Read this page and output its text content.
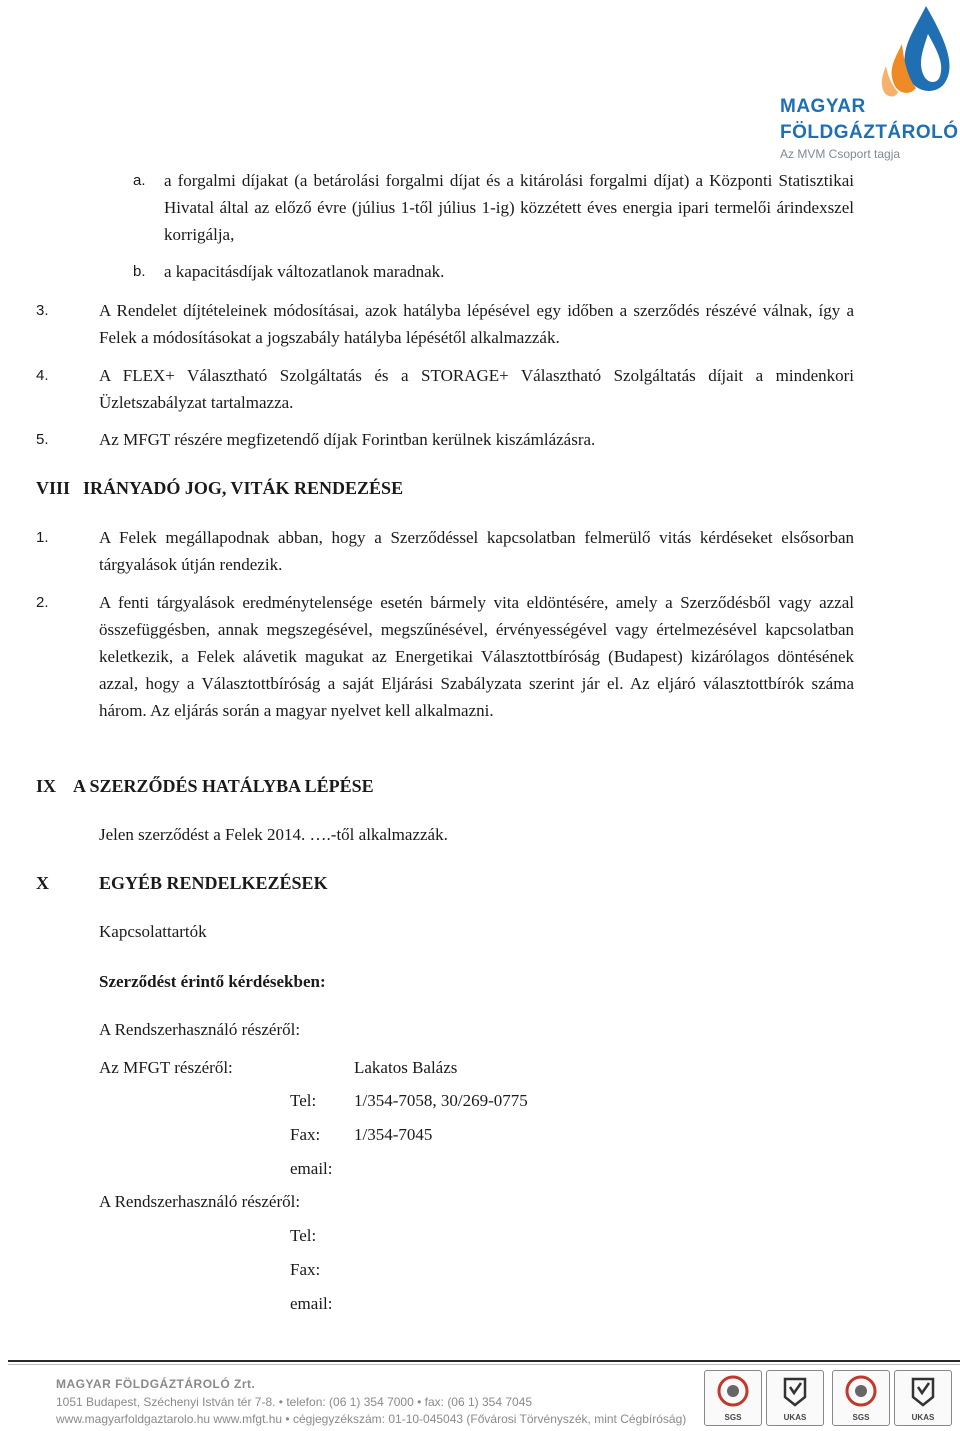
MAGYAR
FÖLDGÁZTÁROLÓ
Az MVM Csoport tagja
a. a forgalmi díjakat (a betárolási forgalmi díjat és a kitárolási forgalmi díjat) a Központi Statisztikai Hivatal által az előző évre (július 1-től július 1-ig) közzétett éves energia ipari termelői árindexszel korrigálja,
b. a kapacitásdíjak változatlanok maradnak.
3.	A Rendelet díjtételeinek módosításai, azok hatályba lépésével egy időben a szerződés részévé válnak, így a Felek a módosításokat a jogszabály hatályba lépésétől alkalmazzák.
4.	A FLEX+ Választható Szolgáltatás és a STORAGE+ Választható Szolgáltatás díjait a mindenkori Üzletszabályzat tartalmazza.
5.	Az MFGT részére megfizetendő díjak Forintban kerülnek kiszámlázásra.
VIII IRÁNYADÓ JOG, VITÁK RENDEZÉSE
1.	A Felek megállapodnak abban, hogy a Szerződéssel kapcsolatban felmerülő vitás kérdéseket elsősorban tárgyalások útján rendezik.
2.	A fenti tárgyalások eredménytelensége esetén bármely vita eldöntésére, amely a Szerződésből vagy azzal összefüggésben, annak megszegésével, megszűnésével, érvényességével vagy értelmezésével kapcsolatban keletkezik, a Felek alávetik magukat az Energetikai Választottbíróság (Budapest) kizárólagos döntésének azzal, hogy a Választottbíróság a saját Eljárási Szabályzata szerint jár el. Az eljáró választottbírók száma három. Az eljárás során a magyar nyelvet kell alkalmazni.
IX A SZERZŐDÉS HATÁLYBA LÉPÉSE
Jelen szerződést a Felek 2014. ….-től alkalmazzák.
X	EGYÉB RENDELKEZÉSEK
Kapcsolattartók
Szerződést érintő kérdésekben:
A Rendszerhasználó részéről:
Az MFGT részéről:	Lakatos Balázs
Tel: 1/354-7058, 30/269-0775
Fax: 1/354-7045
email:
A Rendszerhasználó részéről:
Tel:
Fax:
email:
MAGYAR FÖLDGÁZTÁROLÓ Zrt.
1051 Budapest, Széchenyi István tér 7-8. • telefon: (06 1) 354 7000 • fax: (06 1) 354 7045
www.magyarfoldgaztarolo.hu www.mfgt.hu • cégjegyzékszám: 01-10-045043 (Fővárosi Törvényszék, mint Cégbíróság)	SGS	UKAS	SGS	UKAS
